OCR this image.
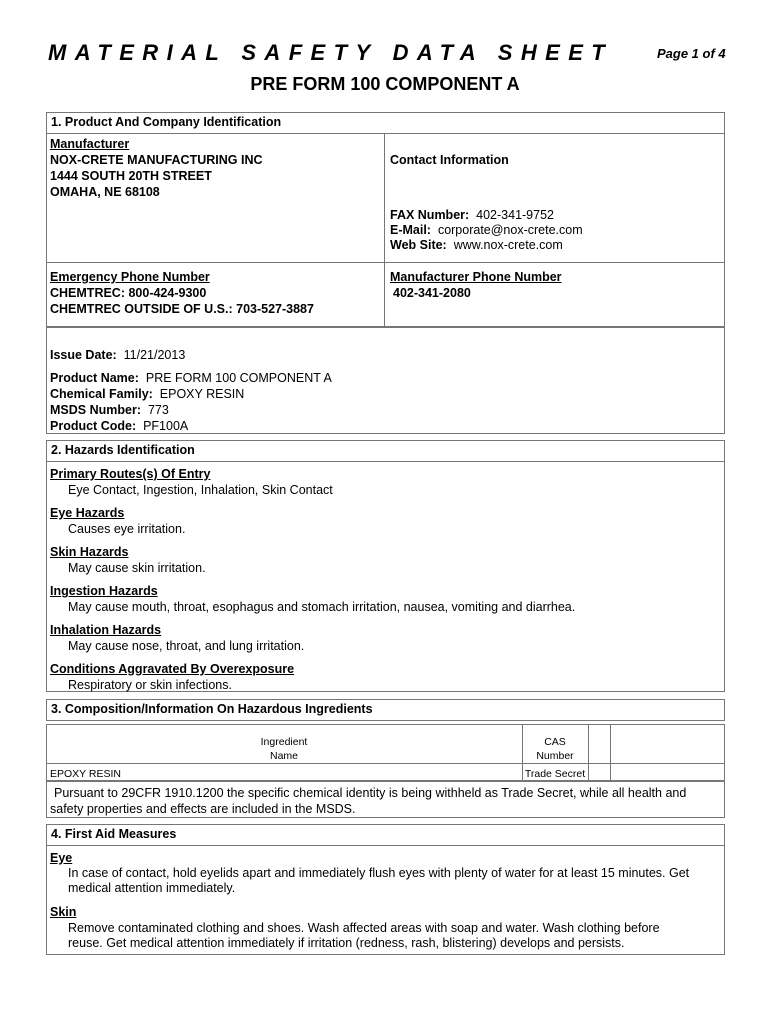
MATERIAL SAFETY DATA SHEET	Page 1 of 4
PRE FORM 100 COMPONENT A
1. Product And Company Identification
Manufacturer
NOX-CRETE MANUFACTURING INC
1444 SOUTH 20TH STREET
OMAHA, NE 68108
Contact Information
FAX Number: 402-341-9752
E-Mail: corporate@nox-crete.com
Web Site: www.nox-crete.com
Emergency Phone Number
CHEMTREC: 800-424-9300
CHEMTREC OUTSIDE OF U.S.: 703-527-3887
Manufacturer Phone Number
402-341-2080
Issue Date: 11/21/2013
Product Name: PRE FORM 100 COMPONENT A
Chemical Family: EPOXY RESIN
MSDS Number: 773
Product Code: PF100A
2. Hazards Identification
Primary Routes(s) Of Entry
Eye Contact, Ingestion, Inhalation, Skin Contact
Eye Hazards
Causes eye irritation.
Skin Hazards
May cause skin irritation.
Ingestion Hazards
May cause mouth, throat, esophagus and stomach irritation, nausea, vomiting and diarrhea.
Inhalation Hazards
May cause nose, throat, and lung irritation.
Conditions Aggravated By Overexposure
Respiratory or skin infections.
3. Composition/Information On Hazardous Ingredients
Ingredient
Name
CAS
Number
EPOXY RESIN	Trade Secret
Pursuant to 29CFR 1910.1200 the specific chemical identity is being withheld as Trade Secret, while all health and
safety properties and effects are included in the MSDS.
4. First Aid Measures
Eye
In case of contact, hold eyelids apart and immediately flush eyes with plenty of water for at least 15 minutes. Get
medical attention immediately.
Skin
Remove contaminated clothing and shoes. Wash affected areas with soap and water. Wash clothing before
reuse. Get medical attention immediately if irritation (redness, rash, blistering) develops and persists.
